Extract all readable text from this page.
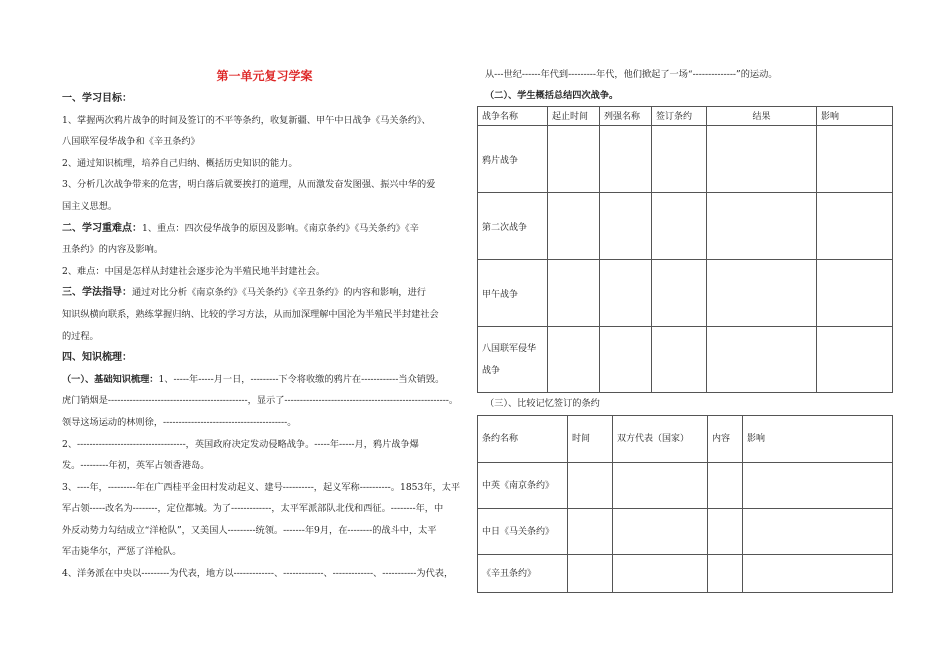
第一单元复习学案
一、学习目标：
1、掌握两次鸦片战争的时间及签订的不平等条约，收复新疆、甲午中日战争《马关条约》、
八国联军侵华战争和《辛丑条约》
2、通过知识梳理，培养自己归纳、概括历史知识的能力。
3、分析几次战争带来的危害，明白落后就要挨打的道理，从而激发奋发图强、振兴中华的爱
国主义思想。
二、学习重难点：1、重点：四次侵华战争的原因及影响。《南京条约》《马关条约》《辛
丑条约》的内容及影响。
2、难点：中国是怎样从封建社会逐步沦为半殖民地半封建社会。
三、学法指导：通过对比分析《南京条约》《马关条约》《辛丑条约》的内容和影响，进行
知识纵横向联系，熟练掌握归纳、比较的学习方法，从而加深理解中国沦为半殖民半封建社会
的过程。
四、知识梳理：
（一）、基础知识梳理：1、-----年-----月一日，---------下令将收缴的鸦片在------------当众销毁。
虎门销烟是---------------------------------------------，显示了-----------------------------------------------------。
领导这场运动的林则徐，----------------------------------------。
2、-----------------------------------，英国政府决定发动侵略战争。-----年-----月，鸦片战争爆
发。---------年初，英军占领香港岛。
3、----年，---------年在广西桂平金田村发动起义、建号----------，起义军称----------。1853年，太平
军占领-----改名为--------，定位都城。为了-------------，太平军派部队北伐和西征。--------年，中
外反动势力勾结成立“洋枪队”，又美国人---------统领。-------年9月，在--------的战斗中，太平
军击毙华尔，严惩了洋枪队。
4、洋务派在中央以---------为代表，地方以-------------、-------------、-------------、-----------为代表，
从---世纪------年代到---------年代，他们掀起了一场“--------------”的运动。
（二）、学生概括总结四次战争。
战争名称	起止时间	列强名称	签订条约	结果	影响
鸦片战争					
第二次战争					
甲午战争					
八国联军侵华战争					
（三）、比较记忆签订的条约
条约名称	时间	双方代表（国家）	内容	影响
中英《南京条约》				
中日《马关条约》				
《辛丑条约》				
